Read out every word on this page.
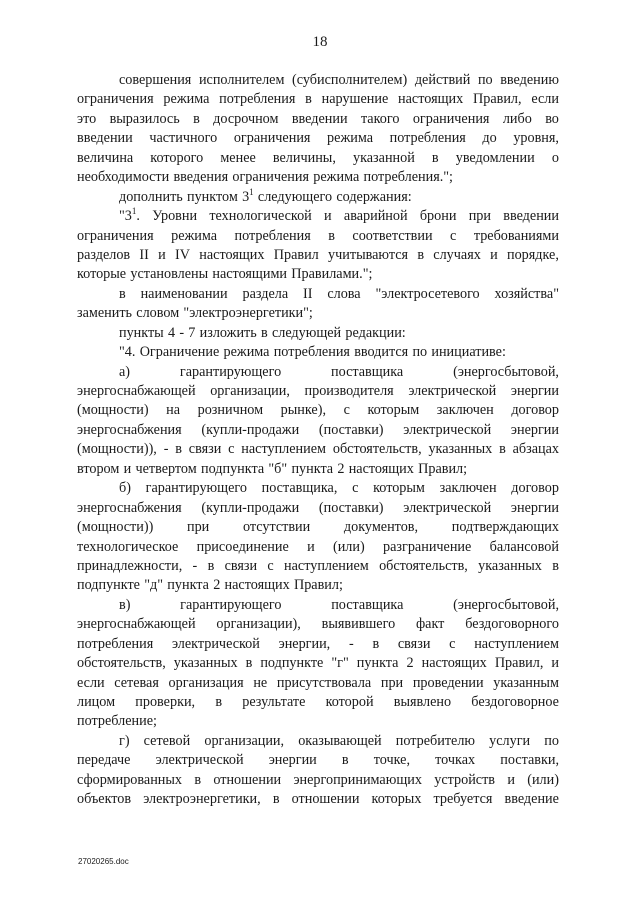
18
совершения исполнителем (субисполнителем) действий по введению
ограничения режима потребления в нарушение настоящих Правил, если
это выразилось в досрочном введении такого ограничения либо во
введении частичного ограничения режима потребления до уровня,
величина которого менее величины, указанной в уведомлении о
необходимости введения ограничения режима потребления.";
дополнить пунктом $3^1$ следующего содержания:
"$3^1$. Уровни технологической и аварийной брони при введении
ограничения режима потребления в соответствии с требованиями
разделов II и IV настоящих Правил учитываются в случаях и порядке,
которые установлены настоящими Правилами.";
в наименовании раздела II слова "электросетевого хозяйства"
заменить словом "электроэнергетики";
пункты 4 - 7 изложить в следующей редакции:
"4. Ограничение режима потребления вводится по инициативе:
а)	гарантирующего	поставщика	(энергосбытовой,
энергоснабжающей организации, производителя электрической энергии
(мощности) на розничном рынке), с которым заключен договор
энергоснабжения (купли-продажи (поставки) электрической энергии
(мощности)), - в связи с наступлением обстоятельств, указанных в абзацах
втором и четвертом подпункта "б" пункта 2 настоящих Правил;
б) гарантирующего поставщика, с которым заключен договор
энергоснабжения (купли-продажи (поставки) электрической энергии
(мощности)) при отсутствии документов, подтверждающих
технологическое присоединение и (или) разграничение балансовой
принадлежности, - в связи с наступлением обстоятельств, указанных в
подпункте "д" пункта 2 настоящих Правил;
в)	гарантирующего	поставщика	(энергосбытовой,
энергоснабжающей организации), выявившего факт бездоговорного
потребления электрической энергии, - в связи с наступлением
обстоятельств, указанных в подпункте "г" пункта 2 настоящих Правил, и
если сетевая организация не присутствовала при проведении указанным
лицом проверки, в результате которой выявлено бездоговорное
потребление;
г) сетевой организации, оказывающей потребителю услуги по
передаче электрической энергии в точке, точках поставки,
сформированных в отношении энергопринимающих устройств и (или)
объектов электроэнергетики, в отношении которых требуется введение
27020265.doc
